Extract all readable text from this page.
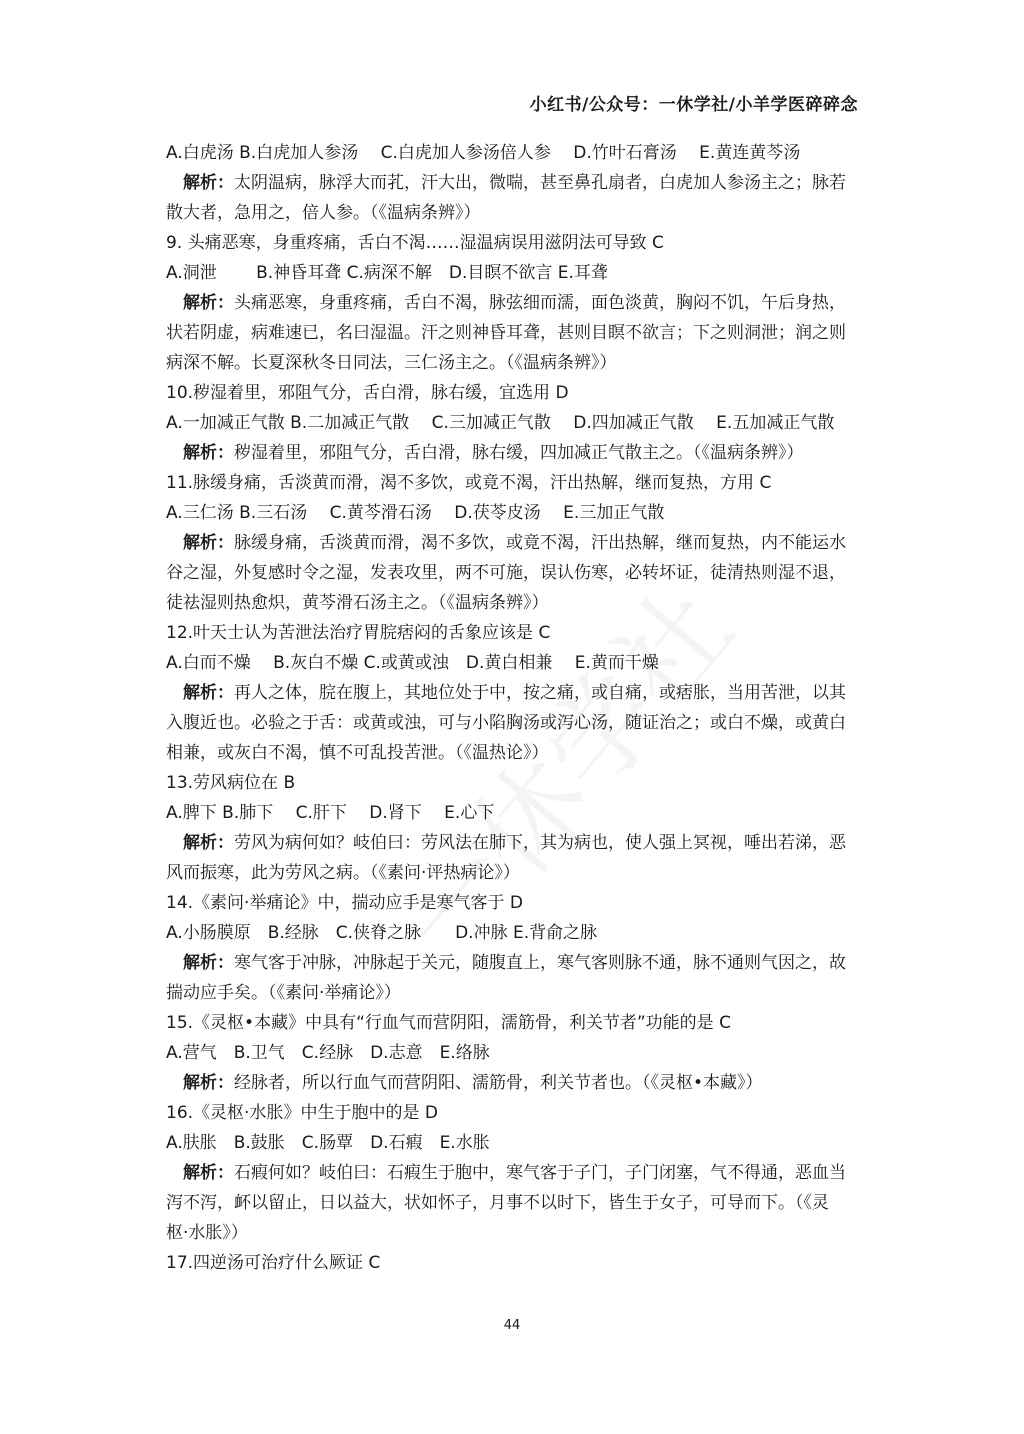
小红书/公众号：一休学社/小羊学医碎碎念
A.白虎汤 B.白虎加人参汤　 C.白虎加人参汤倍人参　 D.竹叶石膏汤　 E.黄连黄芩汤
解析：太阴温病，脉浮大而芤，汗大出，微喘，甚至鼻孔扇者，白虎加人参汤主之；脉若
散大者，急用之，倍人参。（《温病条辨》）
9. 头痛恶寒，身重疼痛，舌白不渴……湿温病误用滋阴法可导致 C
A.洞泄　　 B.神昏耳聋 C.病深不解　D.目瞑不欲言 E.耳聋
解析：头痛恶寒，身重疼痛，舌白不渴，脉弦细而濡，面色淡黄，胸闷不饥，午后身热，
状若阴虚，病难速已，名曰湿温。汗之则神昏耳聋，甚则目瞑不欲言；下之则洞泄；润之则
病深不解。长夏深秋冬日同法，三仁汤主之。（《温病条辨》）
10.秽湿着里，邪阻气分，舌白滑，脉右缓，宜选用 D
A.一加减正气散 B.二加减正气散　 C.三加减正气散　 D.四加减正气散　 E.五加减正气散
解析：秽湿着里，邪阻气分，舌白滑，脉右缓，四加减正气散主之。（《温病条辨》）
11.脉缓身痛，舌淡黄而滑，渴不多饮，或竟不渴，汗出热解，继而复热，方用 C
A.三仁汤 B.三石汤　 C.黄芩滑石汤　 D.茯苓皮汤　 E.三加正气散
解析：脉缓身痛，舌淡黄而滑，渴不多饮，或竟不渴，汗出热解，继而复热，内不能运水
谷之湿，外复感时令之湿，发表攻里，两不可施，误认伤寒，必转坏证，徒清热则湿不退，
徒祛湿则热愈炽，黄芩滑石汤主之。（《温病条辨》）
12.叶天士认为苦泄法治疗胃脘痞闷的舌象应该是 C
A.白而不燥　 B.灰白不燥 C.或黄或浊　D.黄白相兼　 E.黄而干燥
解析：再人之体，脘在腹上，其地位处于中，按之痛，或自痛，或痞胀，当用苦泄，以其
入腹近也。必验之于舌：或黄或浊，可与小陷胸汤或泻心汤，随证治之；或白不燥，或黄白
相兼，或灰白不渴，慎不可乱投苦泄。（《温热论》）
13.劳风病位在 B
A.脾下 B.肺下　 C.肝下　 D.肾下　 E.心下
解析：劳风为病何如？岐伯曰：劳风法在肺下，其为病也，使人强上冥视，唾出若涕，恶
风而振寒，此为劳风之病。（《素问·评热病论》）
14.《素问·举痛论》中，揣动应手是寒气客于 D
A.小肠膜原　B.经脉　C.侠脊之脉　　D.冲脉 E.背俞之脉
解析：寒气客于冲脉，冲脉起于关元，随腹直上，寒气客则脉不通，脉不通则气因之，故
揣动应手矣。（《素问·举痛论》）
15.《灵枢•本藏》中具有“行血气而营阴阳，濡筋骨，利关节者”功能的是 C
A.营气　B.卫气　C.经脉　D.志意　E.络脉
解析：经脉者，所以行血气而营阴阳、濡筋骨，利关节者也。（《灵枢•本藏》）
16.《灵枢·水胀》中生于胞中的是 D
A.肤胀　B.鼓胀　C.肠覃　D.石瘕　E.水胀
解析：石瘕何如？岐伯曰：石瘕生于胞中，寒气客于子门，子门闭塞，气不得通，恶血当
泻不泻，衃以留止，日以益大，状如怀子，月事不以时下，皆生于女子，可导而下。（《灵
枢·水胀》）
17.四逆汤可治疗什么厥证 C
44
